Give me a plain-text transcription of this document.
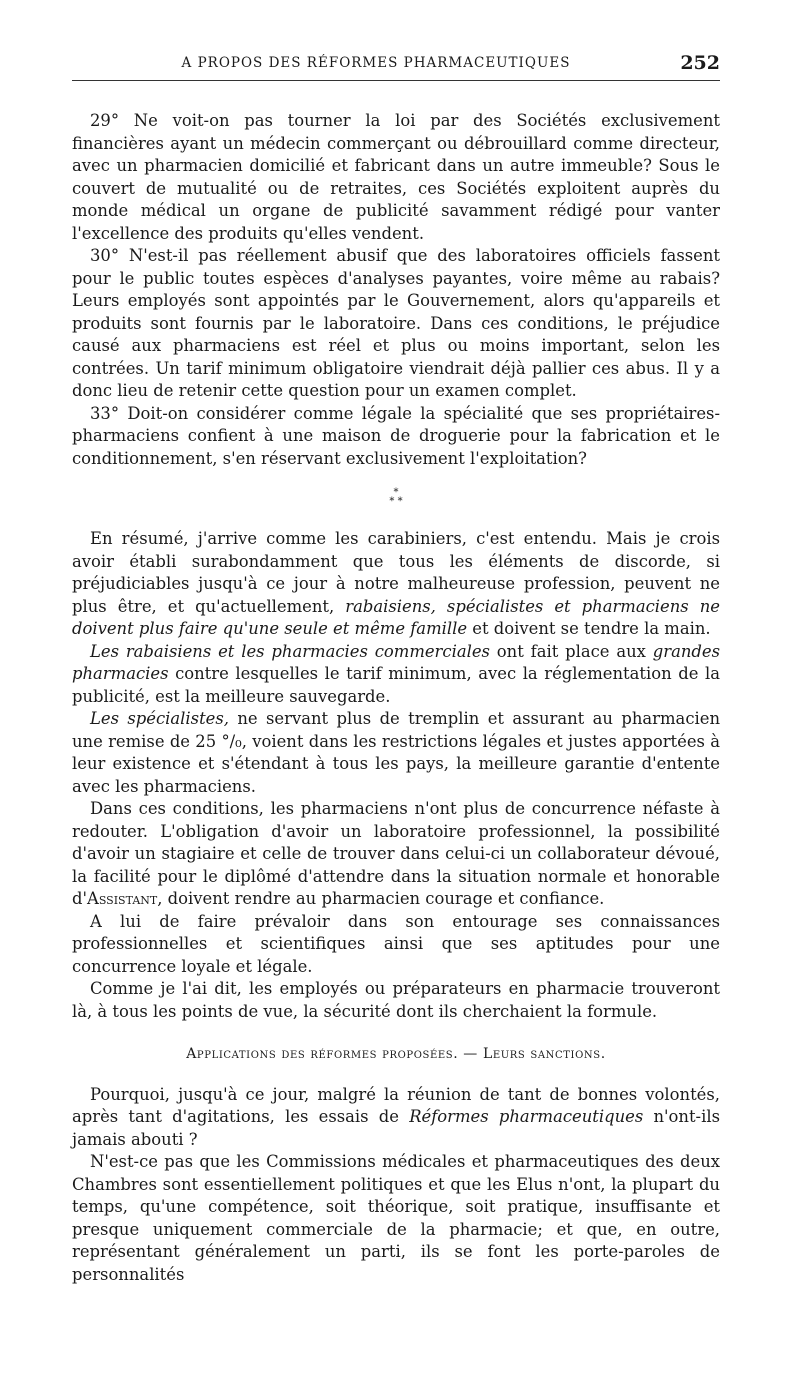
A PROPOS DES RÉFORMES PHARMACEUTIQUES	252

29° Ne voit-on pas tourner la loi par des Sociétés exclusivement financières ayant un médecin commerçant ou débrouillard comme directeur, avec un pharmacien domicilié et fabricant dans un autre immeuble? Sous le couvert de mutualité ou de retraites, ces Sociétés exploitent auprès du monde médical un organe de publicité savamment rédigé pour vanter l'excellence des produits qu'elles vendent.

30° N'est-il pas réellement abusif que des laboratoires officiels fassent pour le public toutes espèces d'analyses payantes, voire même au rabais? Leurs employés sont appointés par le Gouvernement, alors qu'appareils et produits sont fournis par le laboratoire. Dans ces conditions, le préjudice causé aux pharmaciens est réel et plus ou moins important, selon les contrées. Un tarif minimum obligatoire viendrait déjà pallier ces abus. Il y a donc lieu de retenir cette question pour un examen complet.

33° Doit-on considérer comme légale la spécialité que ses propriétaires-pharmaciens confient à une maison de droguerie pour la fabrication et le conditionnement, s'en réservant exclusivement l'exploitation?

*
* *

En résumé, j'arrive comme les carabiniers, c'est entendu. Mais je crois avoir établi surabondamment que tous les éléments de discorde, si préjudiciables jusqu'à ce jour à notre malheureuse profession, peuvent ne plus être, et qu'actuellement, rabaisiens, spécialistes et pharmaciens ne doivent plus faire qu'une seule et même famille et doivent se tendre la main.

Les rabaisiens et les pharmacies commerciales ont fait place aux grandes pharmacies contre lesquelles le tarif minimum, avec la réglementation de la publicité, est la meilleure sauvegarde.

Les spécialistes, ne servant plus de tremplin et assurant au pharmacien une remise de 25 °/₀, voient dans les restrictions légales et justes apportées à leur existence et s'étendant à tous les pays, la meilleure garantie d'entente avec les pharmaciens.

Dans ces conditions, les pharmaciens n'ont plus de concurrence néfaste à redouter. L'obligation d'avoir un laboratoire professionnel, la possibilité d'avoir un stagiaire et celle de trouver dans celui-ci un collaborateur dévoué, la facilité pour le diplômé d'attendre dans la situation normale et honorable d'Assistant, doivent rendre au pharmacien courage et confiance.

A lui de faire prévaloir dans son entourage ses connaissances professionnelles et scientifiques ainsi que ses aptitudes pour une concurrence loyale et légale.

Comme je l'ai dit, les employés ou préparateurs en pharmacie trouveront là, à tous les points de vue, la sécurité dont ils cherchaient la formule.

Applications des réformes proposées. — Leurs sanctions.

Pourquoi, jusqu'à ce jour, malgré la réunion de tant de bonnes volontés, après tant d'agitations, les essais de Réformes pharmaceutiques n'ont-ils jamais abouti ?

N'est-ce pas que les Commissions médicales et pharmaceutiques des deux Chambres sont essentiellement politiques et que les Elus n'ont, la plupart du temps, qu'une compétence, soit théorique, soit pratique, insuffisante et presque uniquement commerciale de la pharmacie; et que, en outre, représentant généralement un parti, ils se font les porte-paroles de personnalités
